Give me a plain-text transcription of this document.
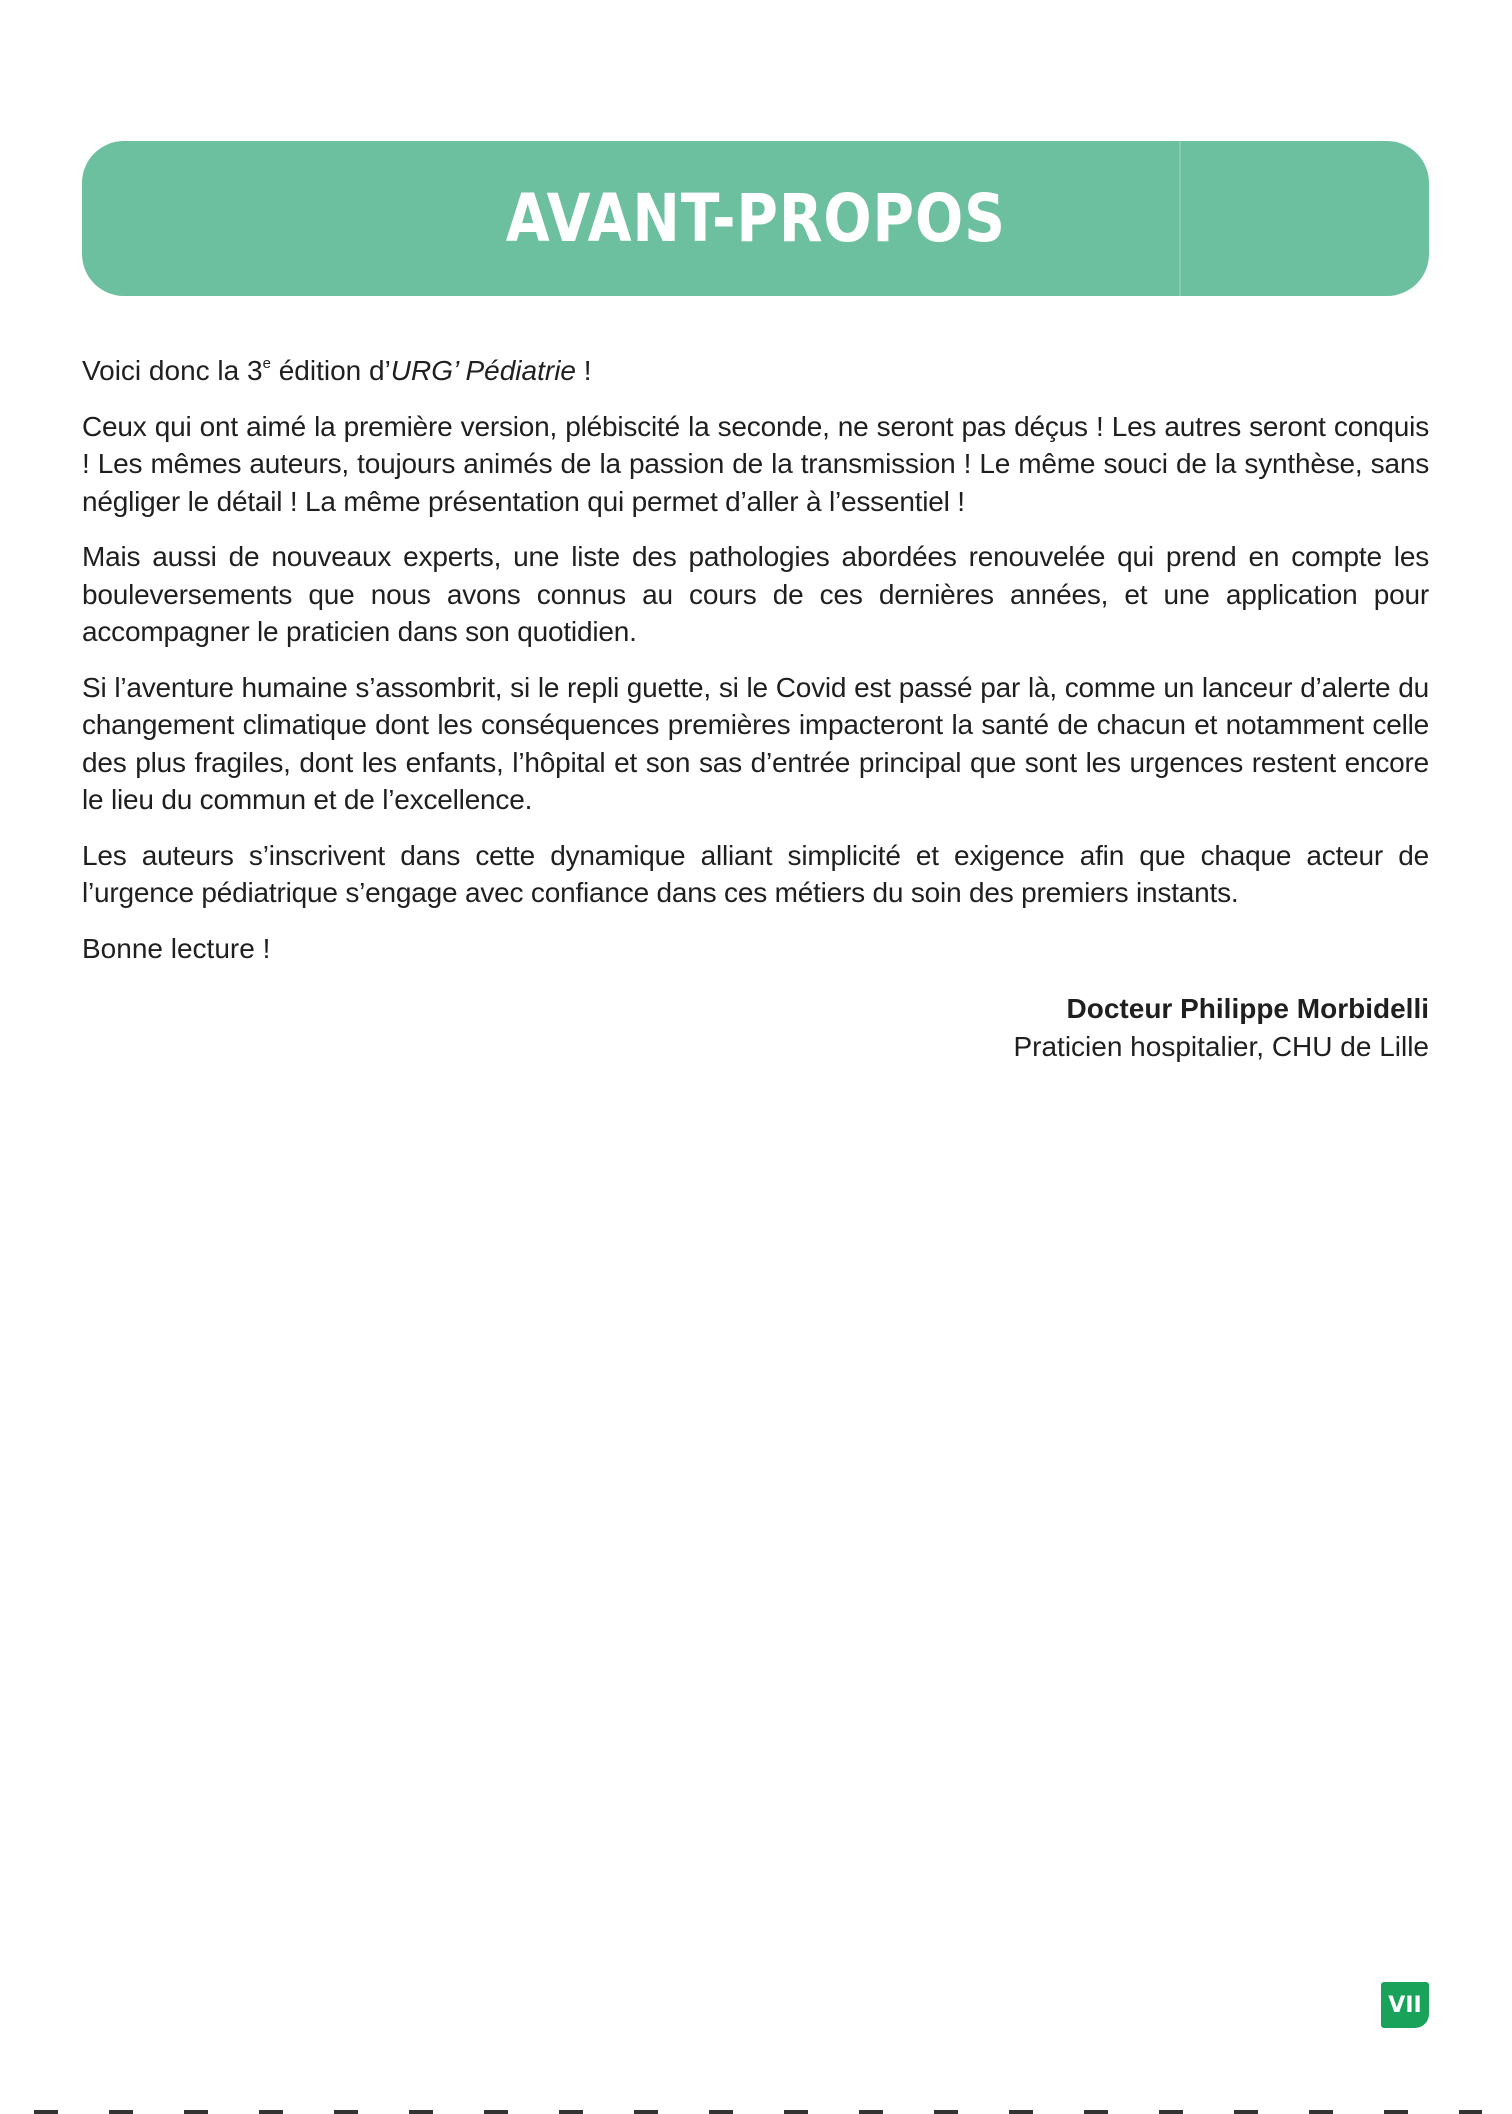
AVANT-PROPOS

Voici donc la 3e édition d’URG’ Pédiatrie !

Ceux qui ont aimé la première version, plébiscité la seconde, ne seront pas déçus ! Les autres seront conquis ! Les mêmes auteurs, toujours animés de la passion de la transmission ! Le même souci de la synthèse, sans négliger le détail ! La même présentation qui permet d’aller à l’essentiel !

Mais aussi de nouveaux experts, une liste des pathologies abordées renouvelée qui prend en compte les bouleversements que nous avons connus au cours de ces dernières années, et une application pour accompagner le praticien dans son quotidien.

Si l’aventure humaine s’assombrit, si le repli guette, si le Covid est passé par là, comme un lanceur d’alerte du changement climatique dont les conséquences premières impacteront la santé de chacun et notamment celle des plus fragiles, dont les enfants, l’hôpital et son sas d’entrée principal que sont les urgences restent encore le lieu du commun et de l’excellence.

Les auteurs s’inscrivent dans cette dynamique alliant simplicité et exigence afin que chaque acteur de l’urgence pédiatrique s’engage avec confiance dans ces métiers du soin des premiers instants.

Bonne lecture !

Docteur Philippe Morbidelli
Praticien hospitalier, CHU de Lille
VII
